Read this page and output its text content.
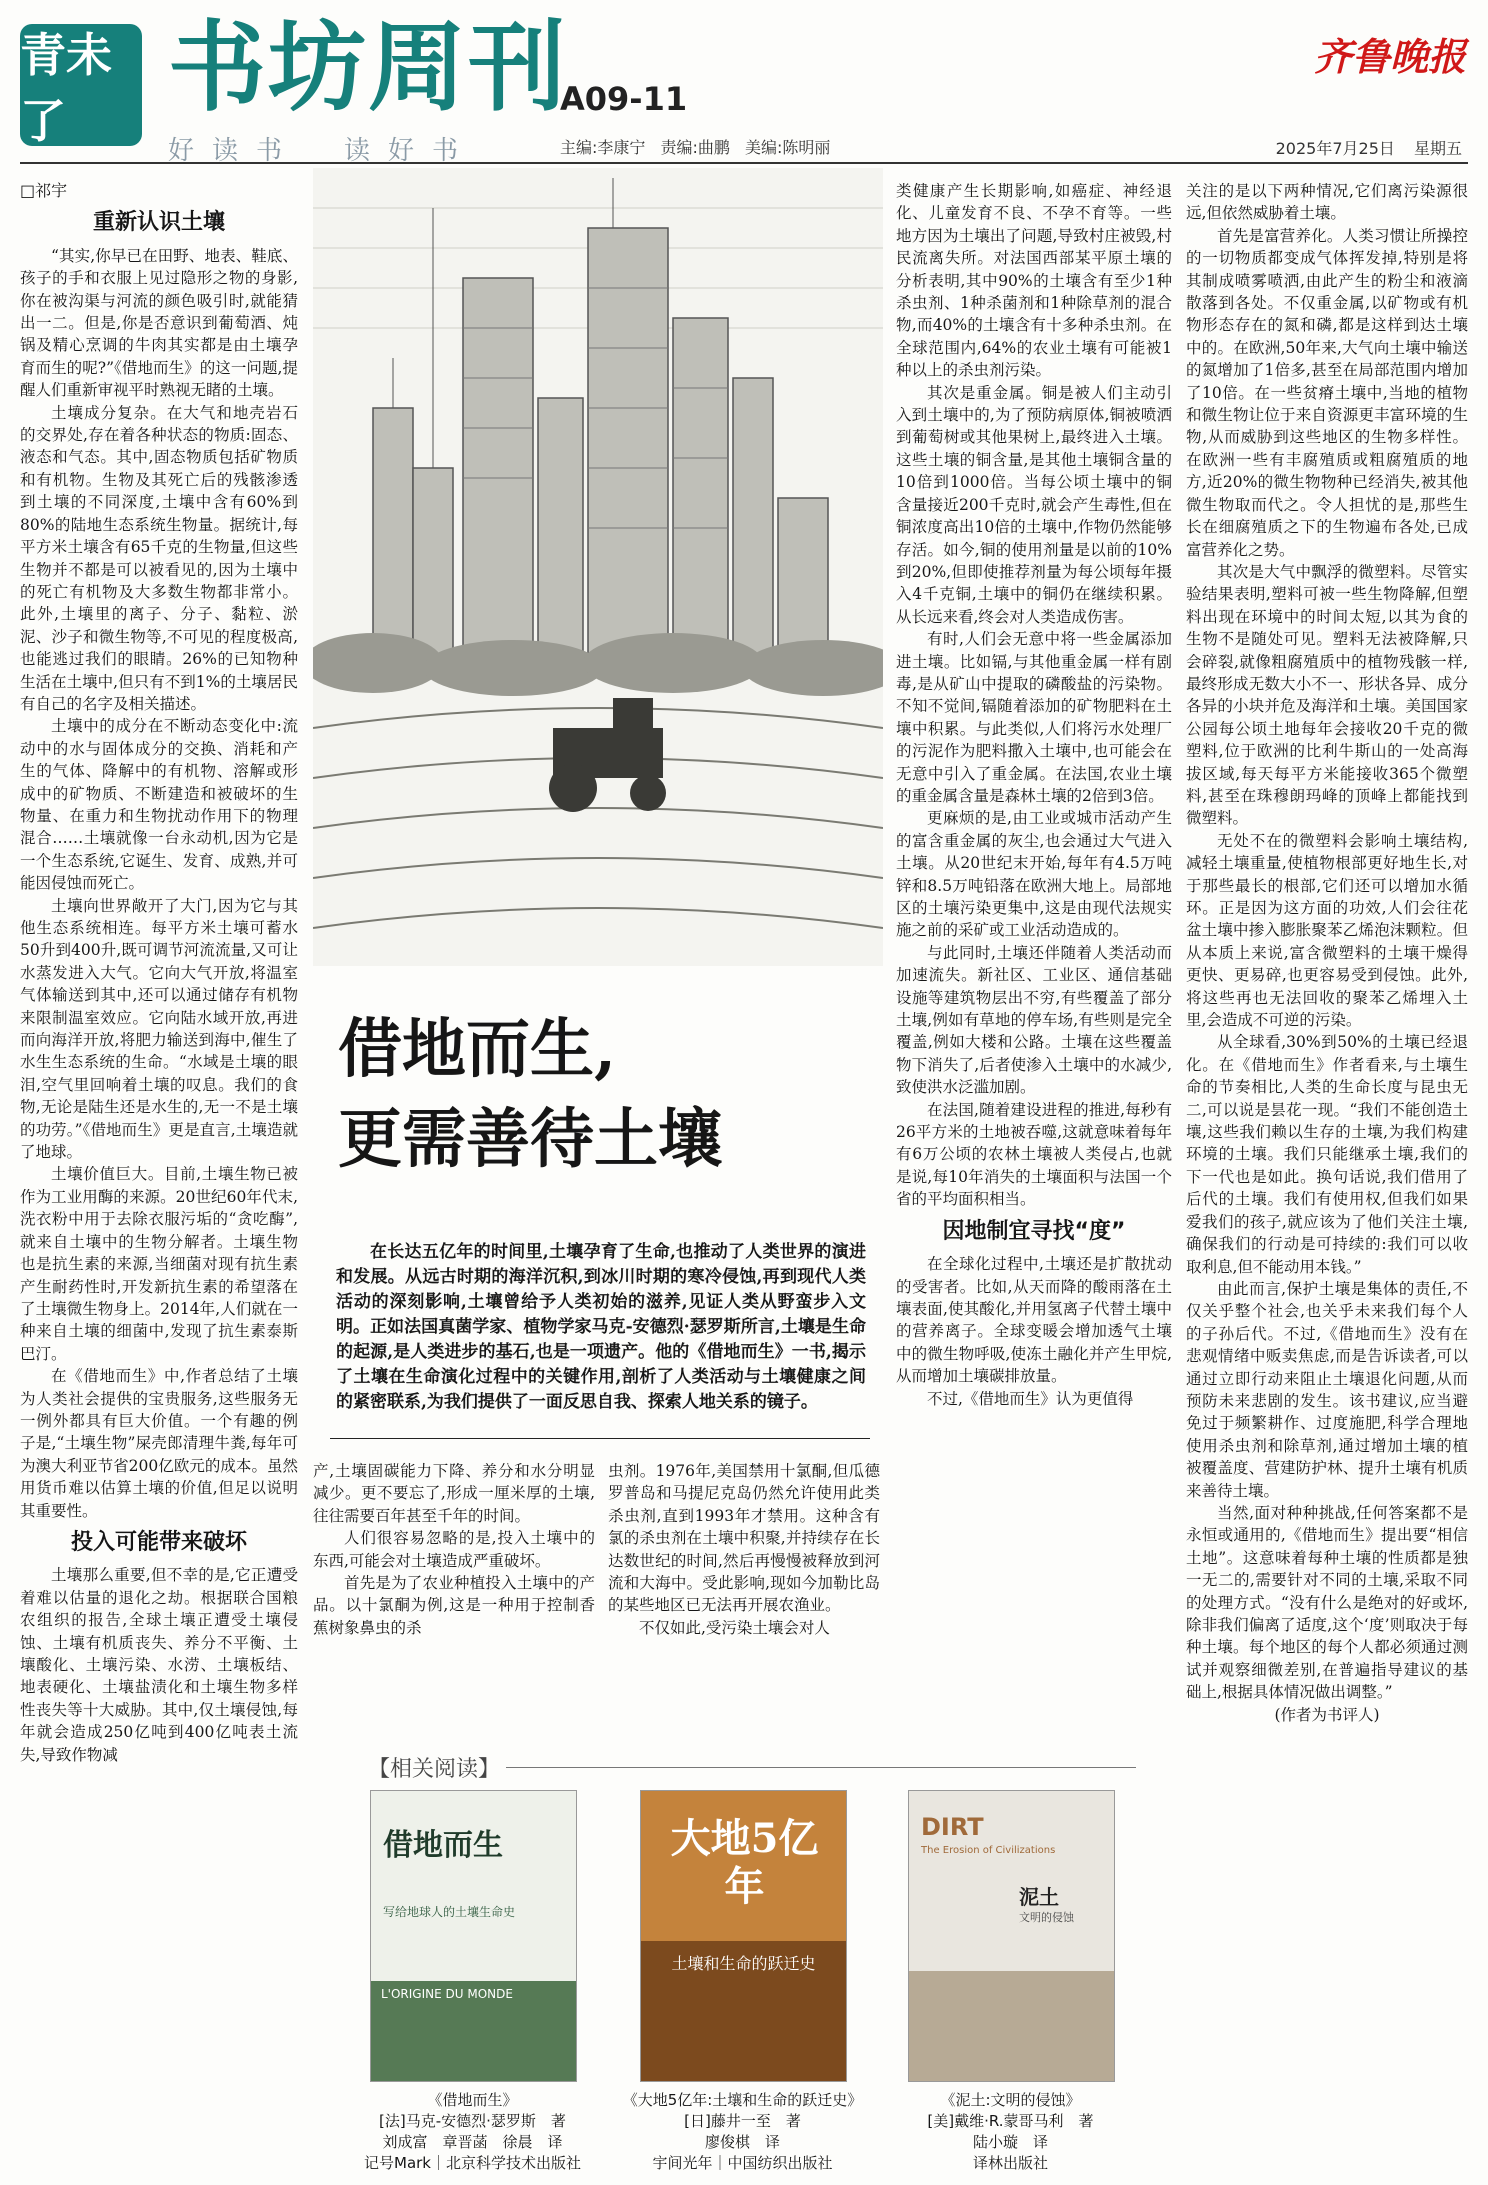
青未了	书坊周刊
A09-11
好读书　读好书	主编:李康宁 责编:曲鹏 美编:陈明丽
齐鲁晚报
2025年7月25日 星期五
□祁宇
重新认识土壤

“其实,你早已在田野、地表、鞋底、孩子的手和衣服上见过隐形之物的身影,你在被沟渠与河流的颜色吸引时,就能猜出一二。但是,你是否意识到葡萄酒、炖锅及精心烹调的牛肉其实都是由土壤孕育而生的呢?”《借地而生》的这一问题,提醒人们重新审视平时熟视无睹的土壤。

土壤成分复杂。在大气和地壳岩石的交界处,存在着各种状态的物质:固态、液态和气态。其中,固态物质包括矿物质和有机物。生物及其死亡后的残骸渗透到土壤的不同深度,土壤中含有60%到80%的陆地生态系统生物量。据统计,每平方米土壤含有65千克的生物量,但这些生物并不都是可以被看见的,因为土壤中的死亡有机物及大多数生物都非常小。此外,土壤里的离子、分子、黏粒、淤泥、沙子和微生物等,不可见的程度极高,也能逃过我们的眼睛。26%的已知物种生活在土壤中,但只有不到1%的土壤居民有自己的名字及相关描述。

土壤中的成分在不断动态变化中:流动中的水与固体成分的交换、消耗和产生的气体、降解中的有机物、溶解或形成中的矿物质、不断建造和被破坏的生物量、在重力和生物扰动作用下的物理混合……土壤就像一台永动机,因为它是一个生态系统,它诞生、发育、成熟,并可能因侵蚀而死亡。

土壤向世界敞开了大门,因为它与其他生态系统相连。每平方米土壤可蓄水50升到400升,既可调节河流流量,又可让水蒸发进入大气。它向大气开放,将温室气体输送到其中,还可以通过储存有机物来限制温室效应。它向陆水域开放,再进而向海洋开放,将肥力输送到海中,催生了水生生态系统的生命。“水域是土壤的眼泪,空气里回响着土壤的叹息。我们的食物,无论是陆生还是水生的,无一不是土壤的功劳。”《借地而生》更是直言,土壤造就了地球。

土壤价值巨大。目前,土壤生物已被作为工业用酶的来源。20世纪60年代末,洗衣粉中用于去除衣服污垢的“贪吃酶”,就来自土壤中的生物分解者。土壤生物也是抗生素的来源,当细菌对现有抗生素产生耐药性时,开发新抗生素的希望落在了土壤微生物身上。2014年,人们就在一种来自土壤的细菌中,发现了抗生素泰斯巴汀。

在《借地而生》中,作者总结了土壤为人类社会提供的宝贵服务,这些服务无一例外都具有巨大价值。一个有趣的例子是,“土壤生物”屎壳郎清理牛粪,每年可为澳大利亚节省200亿欧元的成本。虽然用货币难以估算土壤的价值,但足以说明其重要性。

投入可能带来破坏

土壤那么重要,但不幸的是,它正遭受着难以估量的退化之劫。根据联合国粮农组织的报告,全球土壤正遭受土壤侵蚀、土壤有机质丧失、养分不平衡、土壤酸化、土壤污染、水涝、土壤板结、地表硬化、土壤盐渍化和土壤生物多样性丧失等十大威胁。其中,仅土壤侵蚀,每年就会造成250亿吨到400亿吨表土流失,导致作物减

借地而生,
更需善待土壤

在长达五亿年的时间里,土壤孕育了生命,也推动了人类世界的演进和发展。从远古时期的海洋沉积,到冰川时期的寒冷侵蚀,再到现代人类活动的深刻影响,土壤曾给予人类初始的滋养,见证人类从野蛮步入文明。正如法国真菌学家、植物学家马克-安德烈·瑟罗斯所言,土壤是生命的起源,是人类进步的基石,也是一项遗产。他的《借地而生》一书,揭示了土壤在生命演化过程中的关键作用,剖析了人类活动与土壤健康之间的紧密联系,为我们提供了一面反思自我、探索人地关系的镜子。

产,土壤固碳能力下降、养分和水分明显减少。更不要忘了,形成一厘米厚的土壤,往往需要百年甚至千年的时间。

人们很容易忽略的是,投入土壤中的东西,可能会对土壤造成严重破坏。

首先是为了农业种植投入土壤中的产品。以十氯酮为例,这是一种用于控制香蕉树象鼻虫的杀

虫剂。1976年,美国禁用十氯酮,但瓜德罗普岛和马提尼克岛仍然允许使用此类杀虫剂,直到1993年才禁用。这种含有氯的杀虫剂在土壤中积聚,并持续存在长达数世纪的时间,然后再慢慢被释放到河流和大海中。受此影响,现如今加勒比岛的某些地区已无法再开展农渔业。

不仅如此,受污染土壤会对人

类健康产生长期影响,如癌症、神经退化、儿童发育不良、不孕不育等。一些地方因为土壤出了问题,导致村庄被毁,村民流离失所。对法国西部某平原土壤的分析表明,其中90%的土壤含有至少1种杀虫剂、1种杀菌剂和1种除草剂的混合物,而40%的土壤含有十多种杀虫剂。在全球范围内,64%的农业土壤有可能被1种以上的杀虫剂污染。

其次是重金属。铜是被人们主动引入到土壤中的,为了预防病原体,铜被喷洒到葡萄树或其他果树上,最终进入土壤。这些土壤的铜含量,是其他土壤铜含量的10倍到1000倍。当每公顷土壤中的铜含量接近200千克时,就会产生毒性,但在铜浓度高出10倍的土壤中,作物仍然能够存活。如今,铜的使用剂量是以前的10%到20%,但即使推荐剂量为每公顷每年摄入4千克铜,土壤中的铜仍在继续积累。从长远来看,终会对人类造成伤害。

有时,人们会无意中将一些金属添加进土壤。比如镉,与其他重金属一样有剧毒,是从矿山中提取的磷酸盐的污染物。不知不觉间,镉随着添加的矿物肥料在土壤中积累。与此类似,人们将污水处理厂的污泥作为肥料撒入土壤中,也可能会在无意中引入了重金属。在法国,农业土壤的重金属含量是森林土壤的2倍到3倍。

更麻烦的是,由工业或城市活动产生的富含重金属的灰尘,也会通过大气进入土壤。从20世纪末开始,每年有4.5万吨锌和8.5万吨铅落在欧洲大地上。局部地区的土壤污染更集中,这是由现代法规实施之前的采矿或工业活动造成的。

与此同时,土壤还伴随着人类活动而加速流失。新社区、工业区、通信基础设施等建筑物层出不穷,有些覆盖了部分土壤,例如有草地的停车场,有些则是完全覆盖,例如大楼和公路。土壤在这些覆盖物下消失了,后者使渗入土壤中的水减少,致使洪水泛滥加剧。

在法国,随着建设进程的推进,每秒有26平方米的土地被吞噬,这就意味着每年有6万公顷的农林土壤被人类侵占,也就是说,每10年消失的土壤面积与法国一个省的平均面积相当。

因地制宜寻找“度”

在全球化过程中,土壤还是扩散扰动的受害者。比如,从天而降的酸雨落在土壤表面,使其酸化,并用氢离子代替土壤中的营养离子。全球变暖会增加透气土壤中的微生物呼吸,使冻土融化并产生甲烷,从而增加土壤碳排放量。

不过,《借地而生》认为更值得

关注的是以下两种情况,它们离污染源很远,但依然威胁着土壤。

首先是富营养化。人类习惯让所操控的一切物质都变成气体挥发掉,特别是将其制成喷雾喷洒,由此产生的粉尘和液滴散落到各处。不仅重金属,以矿物或有机物形态存在的氮和磷,都是这样到达土壤中的。在欧洲,50年来,大气向土壤中输送的氮增加了1倍多,甚至在局部范围内增加了10倍。在一些贫瘠土壤中,当地的植物和微生物让位于来自资源更丰富环境的生物,从而威胁到这些地区的生物多样性。在欧洲一些有丰腐殖质或粗腐殖质的地方,近20%的微生物物种已经消失,被其他微生物取而代之。令人担忧的是,那些生长在细腐殖质之下的生物遍布各处,已成富营养化之势。

其次是大气中飘浮的微塑料。尽管实验结果表明,塑料可被一些生物降解,但塑料出现在环境中的时间太短,以其为食的生物不是随处可见。塑料无法被降解,只会碎裂,就像粗腐殖质中的植物残骸一样,最终形成无数大小不一、形状各异、成分各异的小块并危及海洋和土壤。美国国家公园每公顷土地每年会接收20千克的微塑料,位于欧洲的比利牛斯山的一处高海拔区域,每天每平方米能接收365个微塑料,甚至在珠穆朗玛峰的顶峰上都能找到微塑料。

无处不在的微塑料会影响土壤结构,减轻土壤重量,使植物根部更好地生长,对于那些最长的根部,它们还可以增加水循环。正是因为这方面的功效,人们会往花盆土壤中掺入膨胀聚苯乙烯泡沫颗粒。但从本质上来说,富含微塑料的土壤干燥得更快、更易碎,也更容易受到侵蚀。此外,将这些再也无法回收的聚苯乙烯埋入土里,会造成不可逆的污染。

从全球看,30%到50%的土壤已经退化。在《借地而生》作者看来,与土壤生命的节奏相比,人类的生命长度与昆虫无二,可以说是昙花一现。“我们不能创造土壤,这些我们赖以生存的土壤,为我们构建环境的土壤。我们只能继承土壤,我们的下一代也是如此。换句话说,我们借用了后代的土壤。我们有使用权,但我们如果爱我们的孩子,就应该为了他们关注土壤,确保我们的行动是可持续的:我们可以收取利息,但不能动用本钱。”

由此而言,保护土壤是集体的责任,不仅关乎整个社会,也关乎未来我们每个人的子孙后代。不过,《借地而生》没有在悲观情绪中贩卖焦虑,而是告诉读者,可以通过立即行动来阻止土壤退化问题,从而预防未来悲剧的发生。该书建议,应当避免过于频繁耕作、过度施肥,科学合理地使用杀虫剂和除草剂,通过增加土壤的植被覆盖度、营建防护林、提升土壤有机质来善待土壤。

当然,面对种种挑战,任何答案都不是永恒或通用的,《借地而生》提出要“相信土地”。这意味着每种土壤的性质都是独一无二的,需要针对不同的土壤,采取不同的处理方式。“没有什么是绝对的好或坏,除非我们偏离了适度,这个‘度’则取决于每种土壤。每个地区的每个人都必须通过测试并观察细微差别,在普遍指导建议的基础上,根据具体情况做出调整。”

(作者为书评人)
【相关阅读】
借地而生
写给地球人的土壤生命史
L'ORIGINE DU MONDE
《借地而生》
[法]马克-安德烈·瑟罗斯　著
刘成富　章晋菡　徐晨　译
记号Mark｜北京科学技术出版社
大地5亿年
土壤和生命的跃迁史
《大地5亿年:土壤和生命的跃迁史》
[日]藤井一至　著
廖俊棋　译
宇间光年｜中国纺织出版社
DIRT
The Erosion of Civilizations
泥土
文明的侵蚀
《泥土:文明的侵蚀》
[美]戴维·R.蒙哥马利　著
陆小璇　译
译林出版社
